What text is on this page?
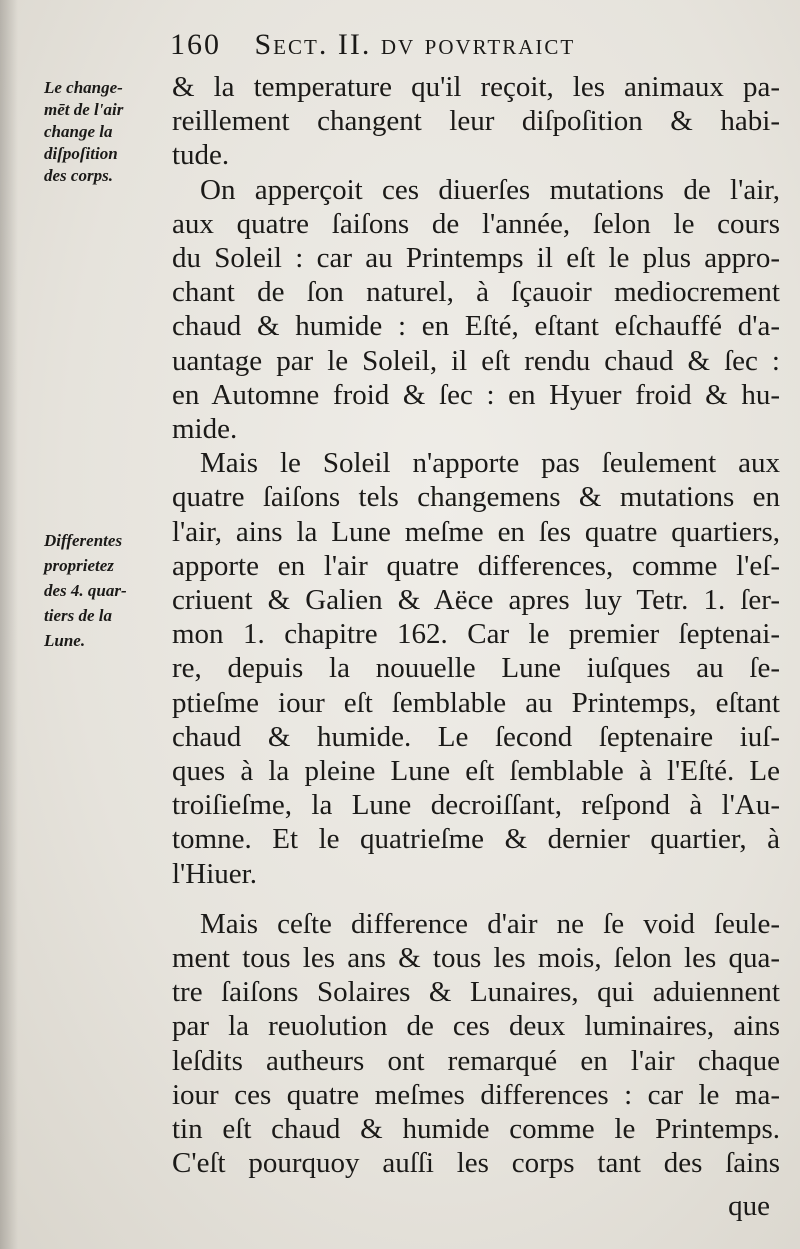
160 Sect. II. dv povrtraict
Le change-
mēt de l'air
change la
diſpoſition
des corps.
Differentes
proprietez
des 4. quar-
tiers de la
Lune.
& la temperature qu'il reçoit, les animaux pa-
reillement changent leur diſpoſition & habi-
tude.
On apperçoit ces diuerſes mutations de l'air,
aux quatre ſaiſons de l'année, ſelon le cours
du Soleil : car au Printemps il eſt le plus appro-
chant de ſon naturel, à ſçauoir mediocrement
chaud & humide : en Eſté, eſtant eſchauffé d'a-
uantage par le Soleil, il eſt rendu chaud & ſec :
en Automne froid & ſec : en Hyuer froid & hu-
mide.
Mais le Soleil n'apporte pas ſeulement aux
quatre ſaiſons tels changemens & mutations en
l'air, ains la Lune meſme en ſes quatre quartiers,
apporte en l'air quatre differences, comme l'eſ-
criuent & Galien & Aëce apres luy Tetr. 1. ſer-
mon 1. chapitre 162. Car le premier ſeptenai-
re, depuis la nouuelle Lune iuſques au ſe-
ptieſme iour eſt ſemblable au Printemps, eſtant
chaud & humide. Le ſecond ſeptenaire iuſ-
ques à la pleine Lune eſt ſemblable à l'Eſté. Le
troiſieſme, la Lune decroiſſant, reſpond à l'Au-
tomne. Et le quatrieſme & dernier quartier, à
l'Hiuer.
Mais ceſte difference d'air ne ſe void ſeule-
ment tous les ans & tous les mois, ſelon les qua-
tre ſaiſons Solaires & Lunaires, qui aduiennent
par la reuolution de ces deux luminaires, ains
leſdits autheurs ont remarqué en l'air chaque
iour ces quatre meſmes differences : car le ma-
tin eſt chaud & humide comme le Printemps.
C'eſt pourquoy auſſi les corps tant des ſains
que
